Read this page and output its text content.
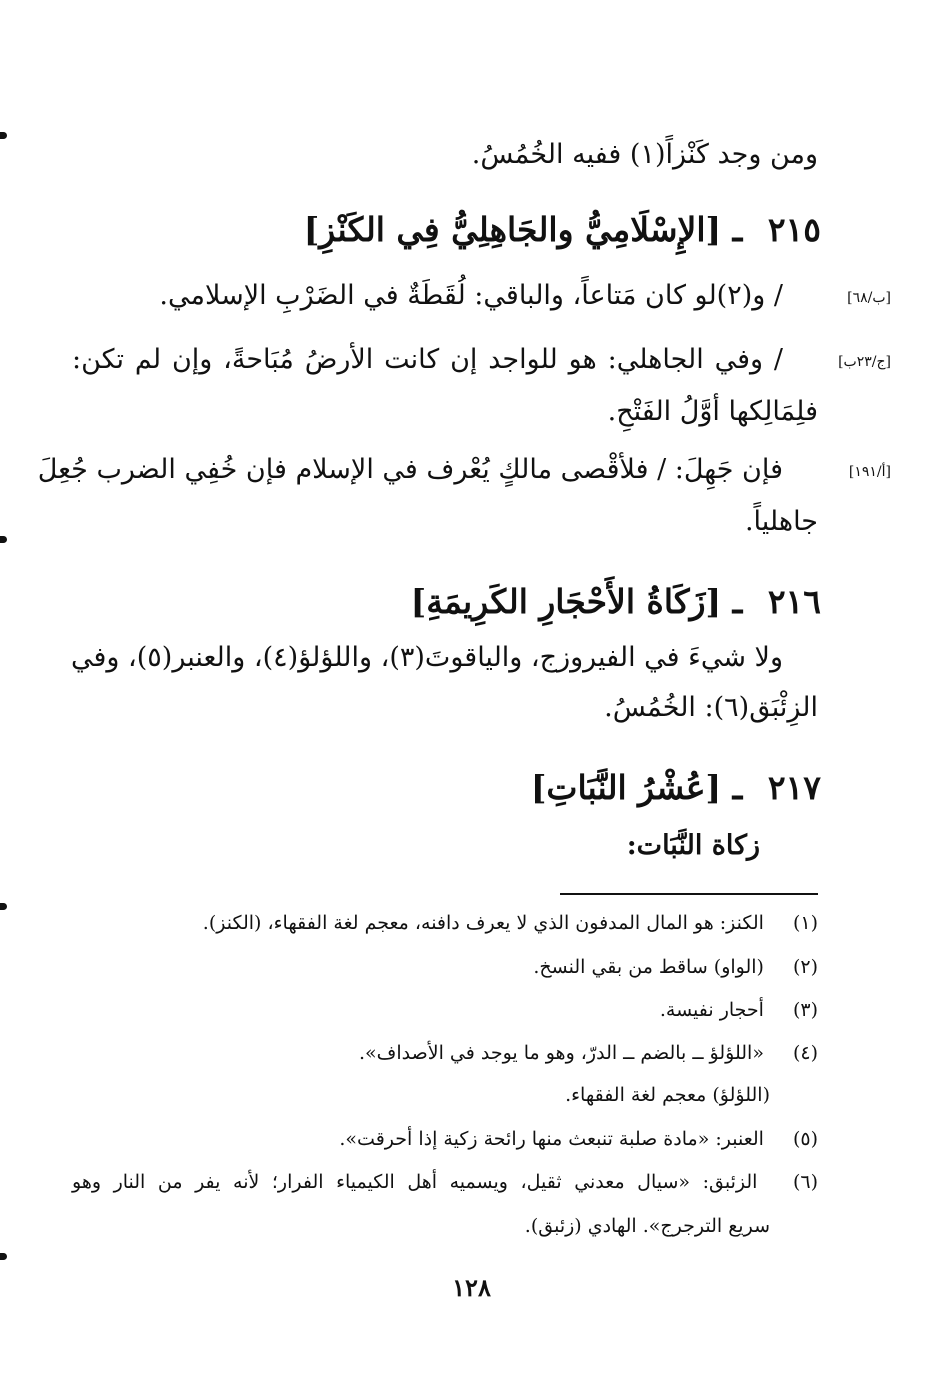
ومن وجد كَنْزاً(١) ففيه الخُمُسُ.
٢١٥ ـ [الإِسْلَامِيُّ والجَاهِلِيُّ فِي الكَنْزِ]
[ب/٦٨]
/ و(٢)لو كان مَتاعاً، والباقي: لُقَطَةٌ في الضَرْبِ الإسلامي.
[ج/٢٣ب]
/ وفي الجاهلي: هو للواجد إن كانت الأرضُ مُبَاحةً، وإن لم تكن:
فلِمَالِكها أوَّلُ الفَتْحِ.
[أ/١٩١]
فإن جَهِلَ: / فلأقْصى مالكٍ يُعْرف في الإسلام فإن خُفِي الضرب جُعِلَ
جاهلياً.
٢١٦ ـ [زَكَاةُ الأَحْجَارِ الكَرِيمَةِ]
ولا شيءَ في الفيروزج، والياقوتَ(٣)، واللؤلؤ(٤)، والعنبر(٥)، وفي
الزِئْبَق(٦): الخُمُسُ.
٢١٧ ـ [عُشْرُ النَّبَاتِ]
زكاة النَّبَات:
(١) الكنز: هو المال المدفون الذي لا يعرف دافنه، معجم لغة الفقهاء، (الكنز).
(٢) (الواو) ساقط من بقي النسخ.
(٣) أحجار نفيسة.
(٤) «اللؤلؤ ــ بالضم ــ الدرّ، وهو ما يوجد في الأصداف».
(اللؤلؤ) معجم لغة الفقهاء.
(٥) العنبر: «مادة صلبة تنبعث منها رائحة زكية إذا أحرقت».
(٦) الزئبق: «سيال معدني ثقيل، ويسميه أهل الكيمياء الفرار؛ لأنه يفر من النار وهو
سريع الترجرج». الهادي (زئبق).
١٢٨
